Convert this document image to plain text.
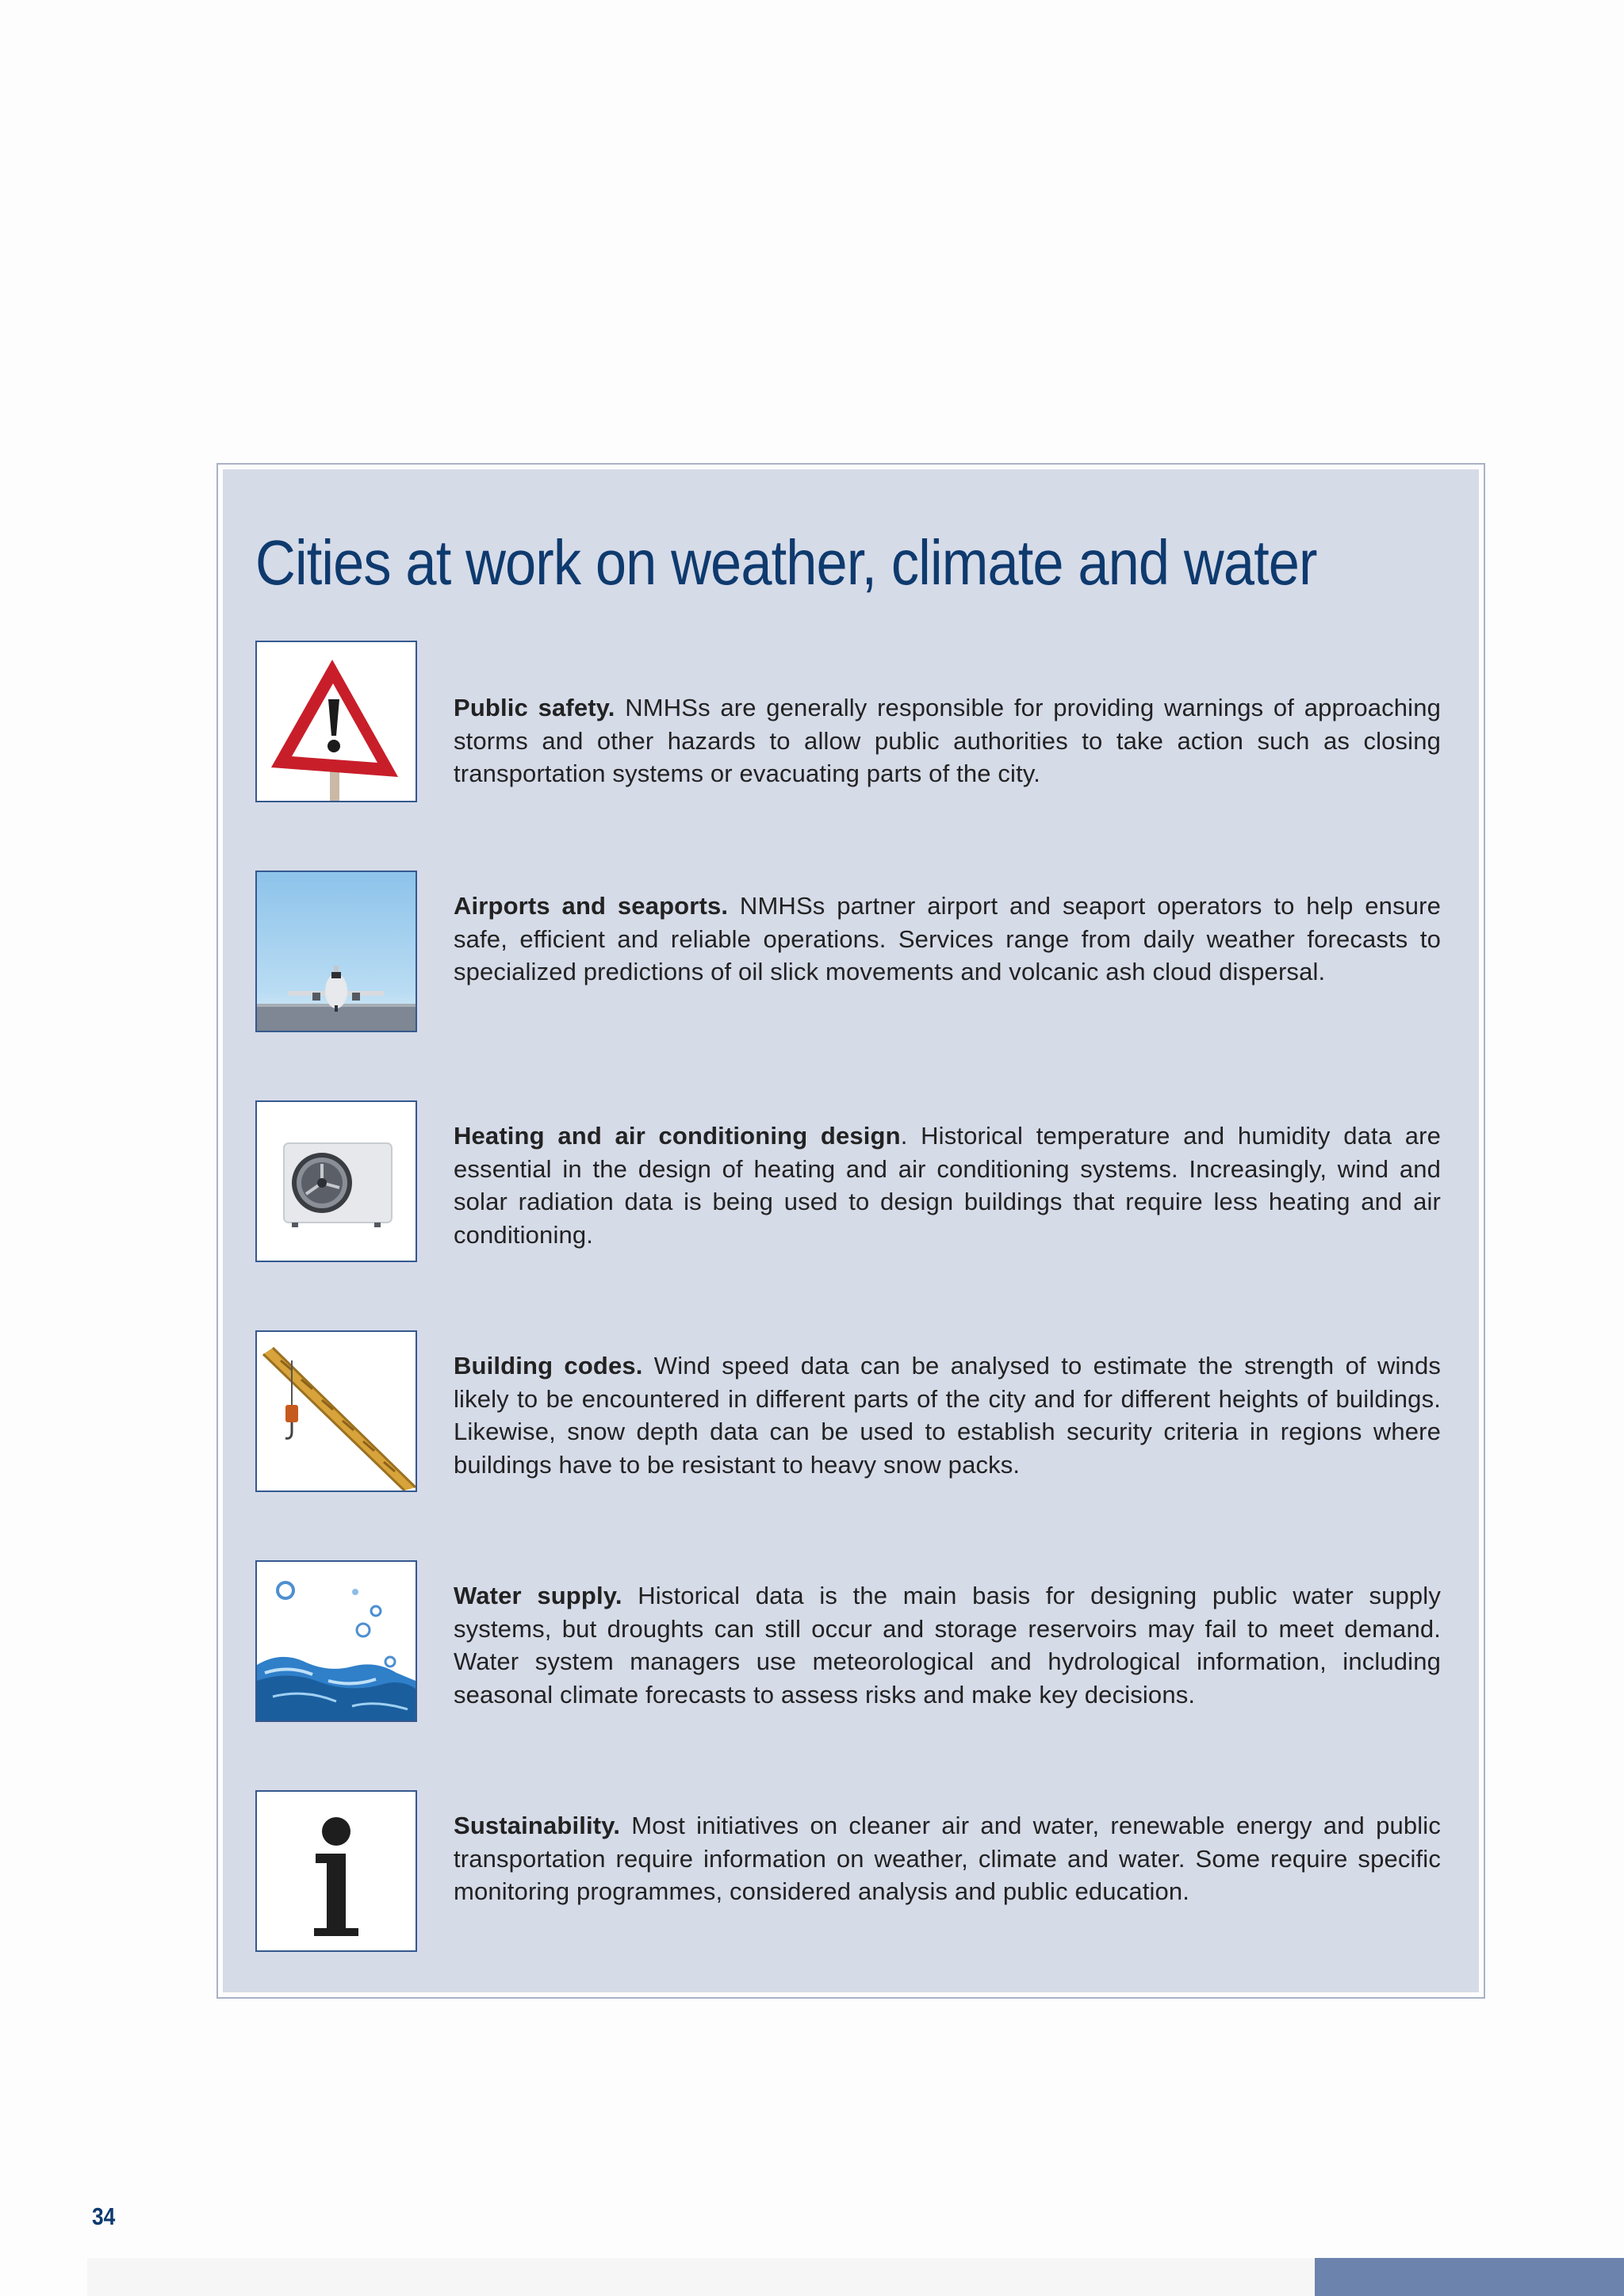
Cities at work on weather, climate and water

Public safety. NMHSs are generally responsible for providing warnings of approaching storms and other hazards to allow public authorities to take action such as closing transportation systems or evacuating parts of the city.

Airports and seaports. NMHSs partner airport and seaport operators to help ensure safe, efficient and reliable operations. Services range from daily weather forecasts to specialized predictions of oil slick movements and volcanic ash cloud dispersal.

Heating and air conditioning design. Historical temperature and humidity data are essential in the design of heating and air conditioning systems. Increasingly, wind and solar radiation data is being used to design buildings that require less heating and air conditioning.

Building codes. Wind speed data can be analysed to estimate the strength of winds likely to be encountered in different parts of the city and for different heights of buildings. Likewise, snow depth data can be used to establish security criteria in regions where buildings have to be resistant to heavy snow packs.

Water supply. Historical data is the main basis for designing public water supply systems, but droughts can still occur and storage reservoirs may fail to meet demand. Water system managers use meteorological and hydrological information, including seasonal climate forecasts to assess risks and make key decisions.

Sustainability. Most initiatives on cleaner air and water, renewable energy and public transportation require information on weather, climate and water. Some require specific monitoring programmes, considered analysis and public education.

34
